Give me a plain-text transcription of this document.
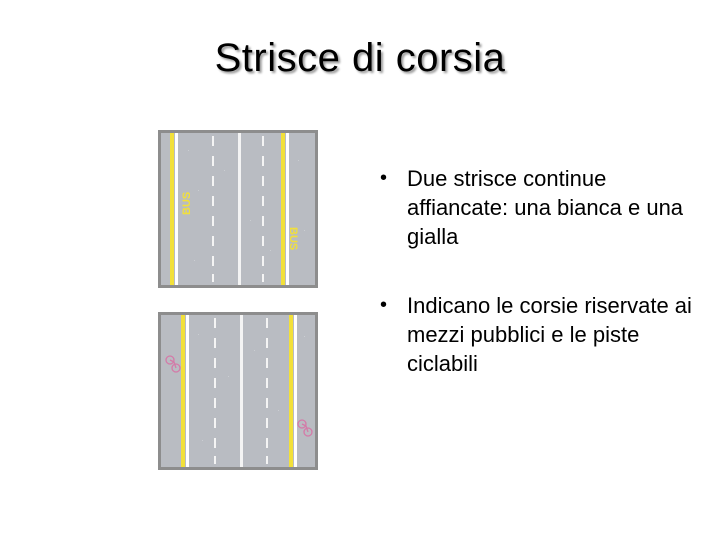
Strisce di corsia
BUS
BUS
• Due strisce continue affiancate: una bianca e una gialla
• Indicano le corsie riservate ai mezzi pubblici e le piste ciclabili
